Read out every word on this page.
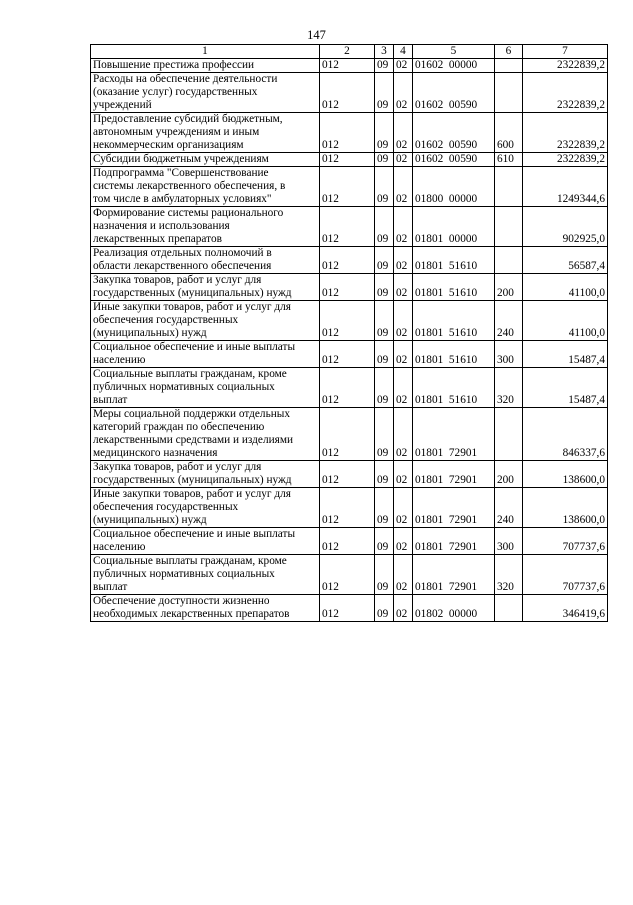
147
1	2	3	4	5	6	7
Повышение престижа профессии	012	09	02	01602  00000		2322839,2
Расходы на обеспечение деятельности
(оказание услуг) государственных
учреждений	012	09	02	01602  00590		2322839,2
Предоставление субсидий бюджетным,
автономным учреждениям и иным
некоммерческим организациям	012	09	02	01602  00590	600	2322839,2
Субсидии бюджетным учреждениям	012	09	02	01602  00590	610	2322839,2
Подпрограмма "Совершенствование
системы лекарственного обеспечения, в
том числе в амбулаторных условиях"	012	09	02	01800  00000		1249344,6
Формирование системы рационального
назначения и использования
лекарственных препаратов	012	09	02	01801  00000		902925,0
Реализация отдельных полномочий в
области лекарственного обеспечения	012	09	02	01801  51610		56587,4
Закупка товаров, работ и услуг для
государственных (муниципальных) нужд	012	09	02	01801  51610	200	41100,0
Иные закупки товаров, работ и услуг для
обеспечения государственных
(муниципальных) нужд	012	09	02	01801  51610	240	41100,0
Социальное обеспечение и иные выплаты
населению	012	09	02	01801  51610	300	15487,4
Социальные выплаты гражданам, кроме
публичных нормативных социальных
выплат	012	09	02	01801  51610	320	15487,4
Меры социальной поддержки отдельных
категорий граждан по обеспечению
лекарственными средствами и изделиями
медицинского назначения	012	09	02	01801  72901		846337,6
Закупка товаров, работ и услуг для
государственных (муниципальных) нужд	012	09	02	01801  72901	200	138600,0
Иные закупки товаров, работ и услуг для
обеспечения государственных
(муниципальных) нужд	012	09	02	01801  72901	240	138600,0
Социальное обеспечение и иные выплаты
населению	012	09	02	01801  72901	300	707737,6
Социальные выплаты гражданам, кроме
публичных нормативных социальных
выплат	012	09	02	01801  72901	320	707737,6
Обеспечение доступности жизненно
необходимых лекарственных препаратов	012	09	02	01802  00000		346419,6
